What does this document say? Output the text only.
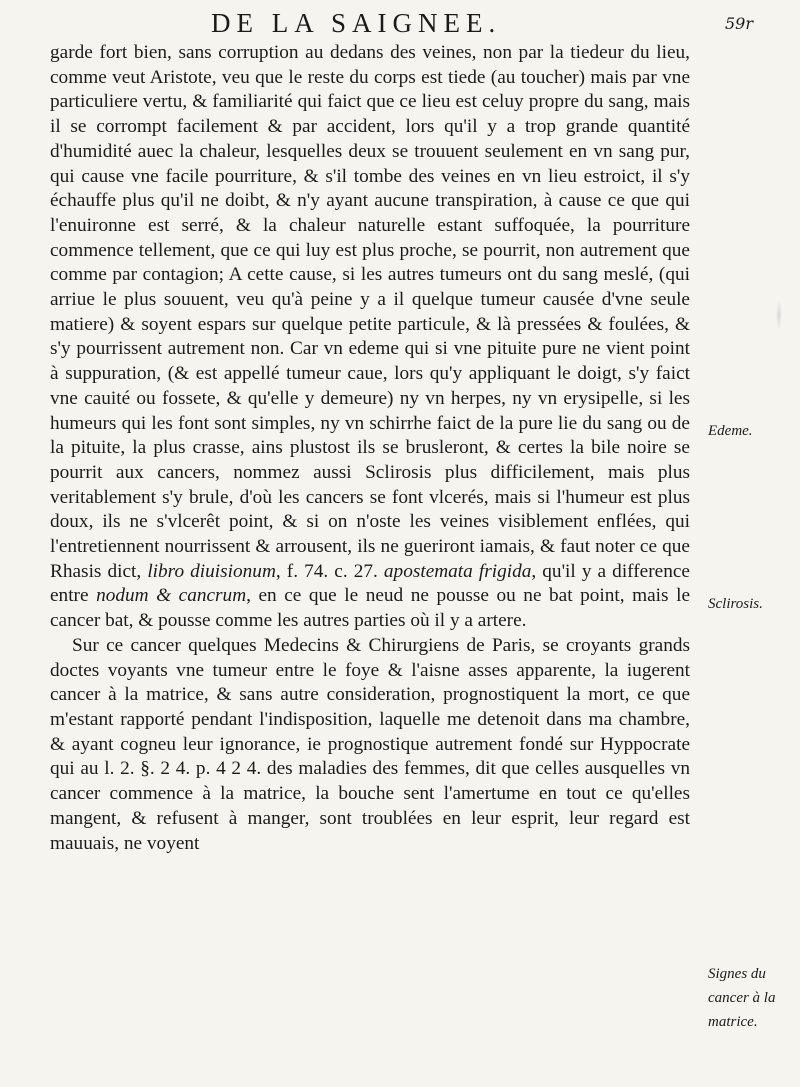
DE LA SAIGNEE.	59r

garde fort bien, sans corruption au dedans des veines, non par la tiedeur du lieu, comme veut Aristote, veu que le reste du corps est tiede (au toucher) mais par vne particuliere vertu, & familiarité qui faict que ce lieu est celuy propre du sang, mais il se corrompt facilement & par accident, lors qu'il y a trop grande quantité d'humidité auec la chaleur, lesquelles deux se trouuent seulement en vn sang pur, qui cause vne facile pourriture, & s'il tombe des veines en vn lieu estroict, il s'y échauffe plus qu'il ne doibt, & n'y ayant aucune transpiration, à cause ce que qui l'enuironne est serré, & la chaleur naturelle estant suffoquée, la pourriture commence tellement, que ce qui luy est plus proche, se pourrit, non autrement que comme par contagion; A cette cause, si les autres tumeurs ont du sang meslé, (qui arriue le plus souuent, veu qu'à peine y a il quelque tumeur causée d'vne seule matiere) & soyent espars sur quelque petite particule, & là pressées & foulées, & s'y pourrissent autrement non. Car vn edeme qui si vne pituite pure ne vient point à suppuration, (& est appellé tumeur caue, lors qu'y appliquant le doigt, s'y faict vne cauité ou fossete, & qu'elle y demeure) ny vn herpes, ny vn erysipelle, si les humeurs qui les font sont simples, ny vn schirrhe faict de la pure lie du sang ou de la pituite, la plus crasse, ains plustost ils se brusleront, & certes la bile noire se pourrit aux cancers, nommez aussi Sclirosis plus difficilement, mais plus veritablement s'y brule, d'où les cancers se font vlcerés, mais si l'humeur est plus doux, ils ne s'vlcerêt point, & si on n'oste les veines visiblement enflées, qui l'entretiennent nourrissent & arrousent, ils ne gueriront iamais, & faut noter ce que Rhasis dict, libro diuisionum, f. 74. c. 27. apostemata frigida, qu'il y a difference entre nodum & cancrum, en ce que le neud ne pousse ou ne bat point, mais le cancer bat, & pousse comme les autres parties où il y a artere.

Sur ce cancer quelques Medecins & Chirurgiens de Paris, se croyants grands doctes voyants vne tumeur entre le foye & l'aisne asses apparente, la iugerent cancer à la matrice, & sans autre consideration, prognostiquent la mort, ce que m'estant rapporté pendant l'indisposition, laquelle me detenoit dans ma chambre, & ayant cogneu leur ignorance, ie prognostique autrement fondé sur Hyppocrate qui au l. 2. §. 2 4. p. 4 2 4. des maladies des femmes, dit que celles ausquelles vn cancer commence à la matrice, la bouche sent l'amertume en tout ce qu'elles mangent, & refusent à manger, sont troublées en leur esprit, leur regard est mauuais, ne voyent

Edeme.
Sclirosis.
Signes du
cancer à la
matrice.
